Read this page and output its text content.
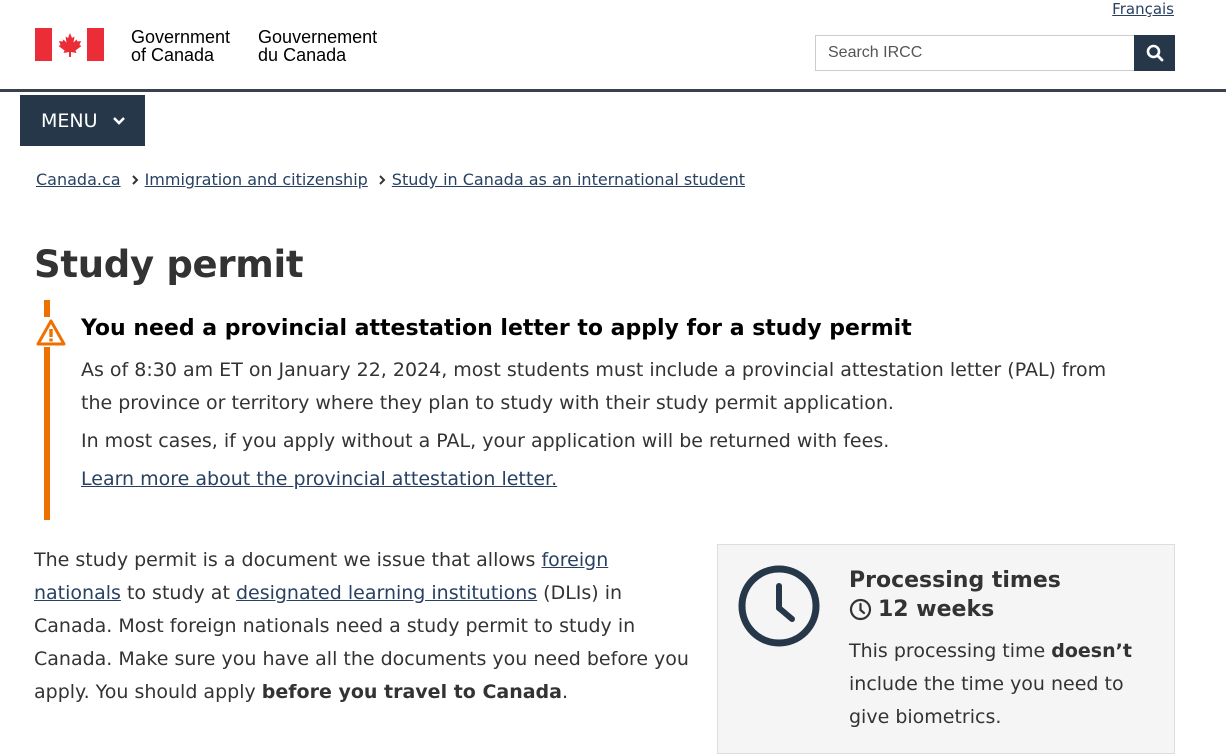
Français
Government
of Canada
Gouvernement
du Canada
Search IRCC
MENU
Canada.ca Immigration and citizenship Study in Canada as an international student
Study permit
You need a provincial attestation letter to apply for a study permit

As of 8:30 am ET on January 22, 2024, most students must include a provincial attestation letter (PAL) from the province or territory where they plan to study with their study permit application.

In most cases, if you apply without a PAL, your application will be returned with fees.

Learn more about the provincial attestation letter.

The study permit is a document we issue that allows foreign nationals to study at designated learning institutions (DLIs) in Canada. Most foreign nationals need a study permit to study in Canada. Make sure you have all the documents you need before you apply. You should apply before you travel to Canada.
Processing times
12 weeks

This processing time doesn’t include the time you need to give biometrics.
